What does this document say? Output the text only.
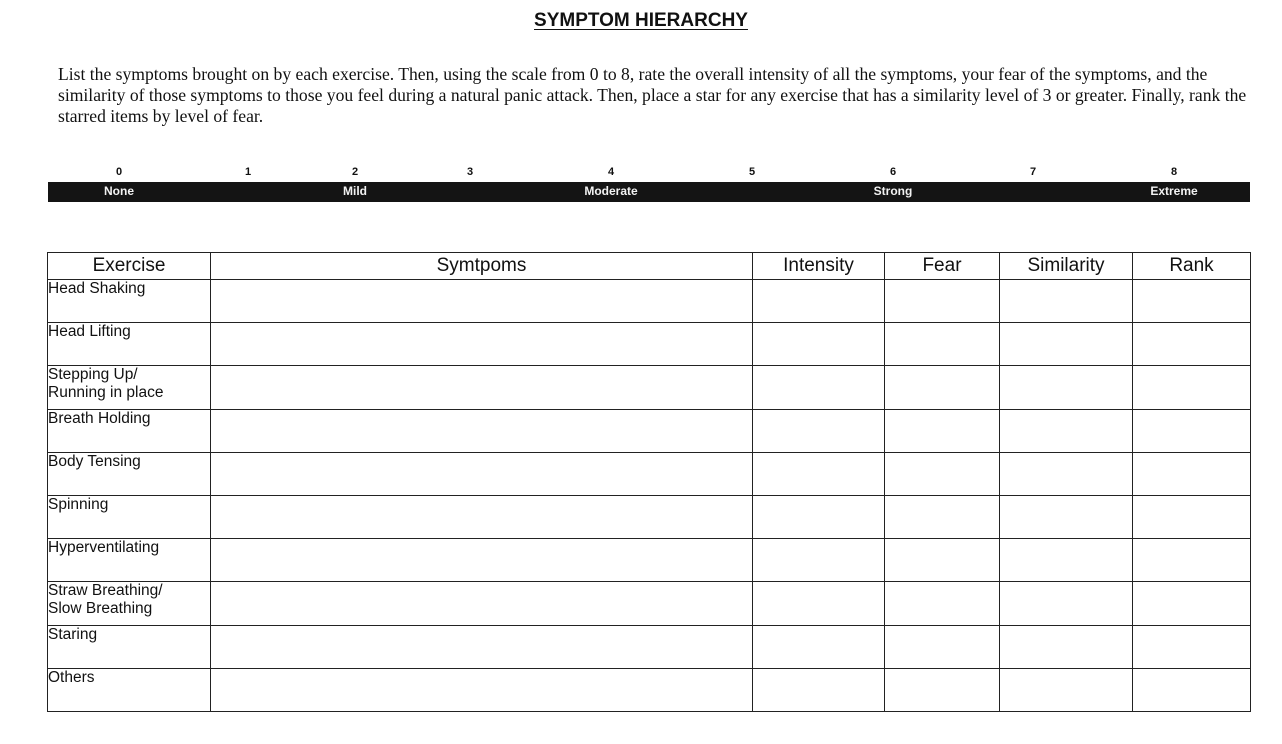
SYMPTOM HIERARCHY
List the symptoms brought on by each exercise. Then, using the scale from 0 to 8, rate the overall intensity of all the symptoms, your fear of the symptoms, and the similarity of those symptoms to those you feel during a natural panic attack. Then, place a star for any exercise that has a similarity level of 3 or greater. Finally, rank the starred items by level of fear.
0	1	2	3	4	5	6	7	8
None	Mild	Moderate	Strong	Extreme
Exercise	Symtpoms	Intensity	Fear	Similarity	Rank
Head Shaking					
Head Lifting					
Stepping Up/
Running in place					
Breath Holding					
Body Tensing					
Spinning					
Hyperventilating					
Straw Breathing/
Slow Breathing					
Staring					
Others					
